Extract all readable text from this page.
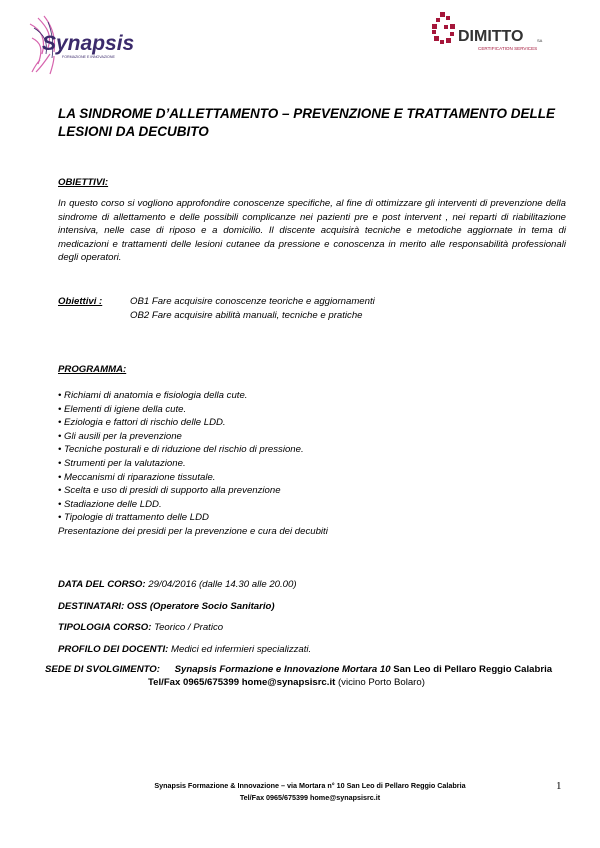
Synapsis
FORMAZIONE E INNOVAZIONE
DIMITTO	SA
CERTIFICATION SERVICES
LA SINDROME D’ALLETTAMENTO – PREVENZIONE E TRATTAMENTO DELLE LESIONI DA DECUBITO
OBIETTIVI:
In questo corso si vogliono approfondire conoscenze specifiche, al fine di ottimizzare gli interventi di prevenzione della sindrome di allettamento e delle possibili complicanze nei pazienti pre e post intervent , nei reparti di riabilitazione intensiva, nelle case di riposo e a domicilio. Il discente acquisirà tecniche e metodiche aggiornate in tema di medicazioni e trattamenti delle lesioni cutanee da pressione e conoscenza in merito alle responsabilità professionali degli operatori.
Obiettivi :	OB1 Fare acquisire conoscenze teoriche e aggiornamenti
OB2 Fare acquisire abilità manuali, tecniche e pratiche
PROGRAMMA:
• Richiami di anatomia e fisiologia della cute.
• Elementi di igiene della cute.
• Eziologia e fattori di rischio delle LDD.
• Gli ausili per la prevenzione
• Tecniche posturali e di riduzione del rischio di pressione.
• Strumenti per la valutazione.
• Meccanismi di riparazione tissutale.
• Scelta e uso di presidi di supporto alla prevenzione
• Stadiazione delle LDD.
• Tipologie di trattamento delle LDD
Presentazione dei presidi per la prevenzione e cura dei decubiti
DATA DEL CORSO: 29/04/2016 (dalle 14.30 alle 20.00)
DESTINATARI: OSS (Operatore Socio Sanitario)
TIPOLOGIA CORSO: Teorico / Pratico
PROFILO DEI DOCENTI: Medici ed infermieri specializzati.
SEDE DI SVOLGIMENTO: Synapsis Formazione e Innovazione Mortara 10 San Leo di Pellaro Reggio Calabria
Tel/Fax 0965/675399 home@synapsisrc.it (vicino Porto Bolaro)
Synapsis Formazione & Innovazione – via Mortara n° 10 San Leo di Pellaro Reggio Calabria
Tel/Fax 0965/675399 home@synapsisrc.it
1
